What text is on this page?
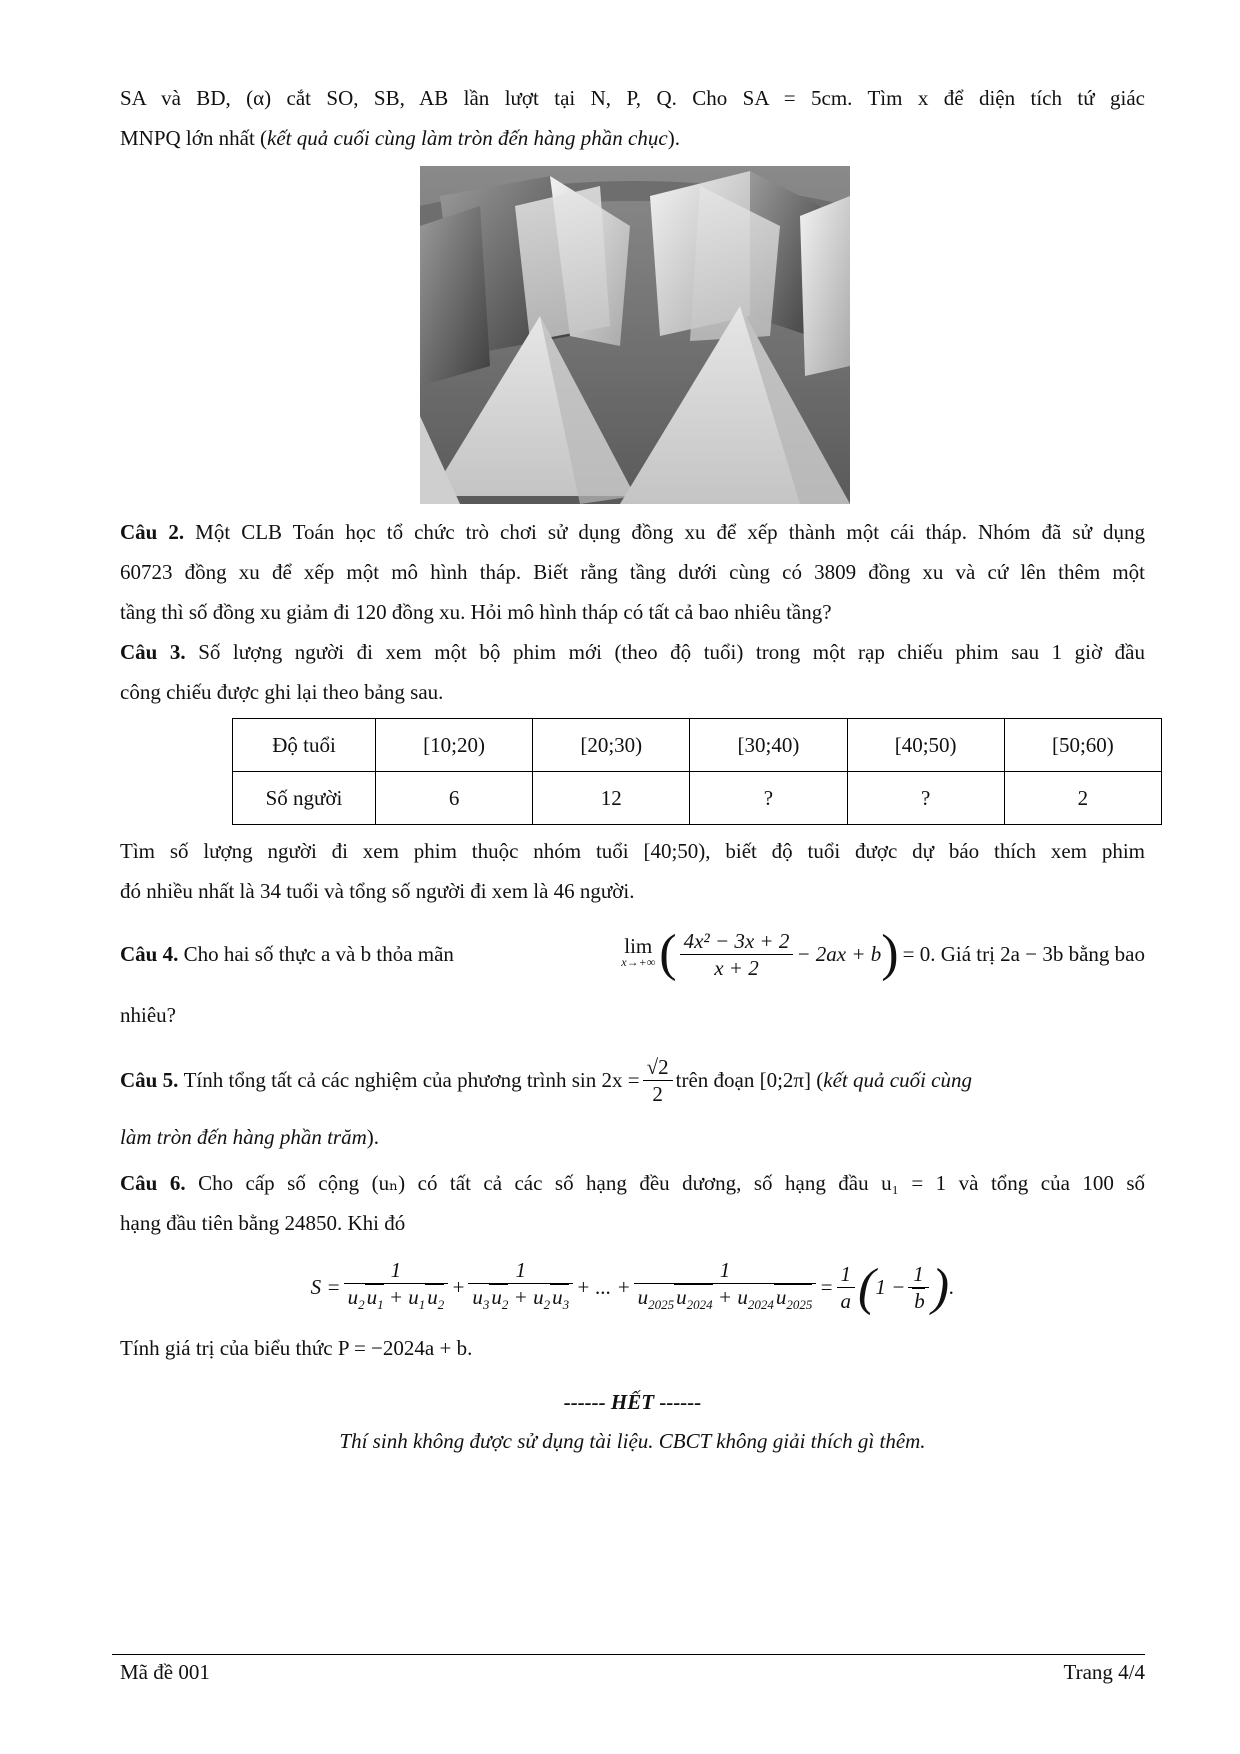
SA và BD, (α) cắt SO, SB, AB lần lượt tại N, P, Q. Cho SA = 5cm. Tìm x để diện tích tứ giác

MNPQ lớn nhất (kết quả cuối cùng làm tròn đến hàng phần chục).

Câu 2. Một CLB Toán học tổ chức trò chơi sử dụng đồng xu để xếp thành một cái tháp. Nhóm đã sử dụng

60723 đồng xu để xếp một mô hình tháp. Biết rằng tầng dưới cùng có 3809 đồng xu và cứ lên thêm một

tầng thì số đồng xu giảm đi 120 đồng xu. Hỏi mô hình tháp có tất cả bao nhiêu tầng?

Câu 3. Số lượng người đi xem một bộ phim mới (theo độ tuổi) trong một rạp chiếu phim sau 1 giờ đầu

công chiếu được ghi lại theo bảng sau.

Độ tuổi	[10;20)	[20;30)	[30;40)	[40;50)	[50;60)
Số người	6	12	?	?	2

Tìm số lượng người đi xem phim thuộc nhóm tuổi [40;50), biết độ tuổi được dự báo thích xem phim

đó nhiều nhất là 34 tuổi và tổng số người đi xem là 46 người.

Câu 4. Cho hai số thực a và b thỏa mãn	lim
x→+∞ ( $\frac{\text{4x² − 3x + 2}}{x + 2} - 2ax + b$ ) = 0. Giá trị 2a − 3b bằng bao

nhiêu?

Câu 5.
Tính tổng tất cả các nghiệm của phương trình $\sin 2x = \frac{√2}{2}$ trên đoạn [0;2π] ( kết quả cuối cùng

làm tròn đến hàng phần trăm).

Câu 6. Cho cấp số cộng (uₙ) có tất cả các số hạng đều dương, số hạng đầu u₁ = 1 và tổng của 100 số

hạng đầu tiên bằng 24850. Khi đó

$S = \frac{1}{u_2u_1 + u_1u_2} + \frac{1}{u_3u_2 + u_2u_3}$ + ... + $\frac{1}{u_{2025}u_{2024} + u_{2024}u_{2025}} = \frac{1}{a}$ ( $1 - \frac{1}{b}$ ) .

Tính giá trị của biểu thức P = −2024a + b.

------ HẾT ------

Thí sinh không được sử dụng tài liệu. CBCT không giải thích gì thêm.

Mã đề 001	Trang 4/4
